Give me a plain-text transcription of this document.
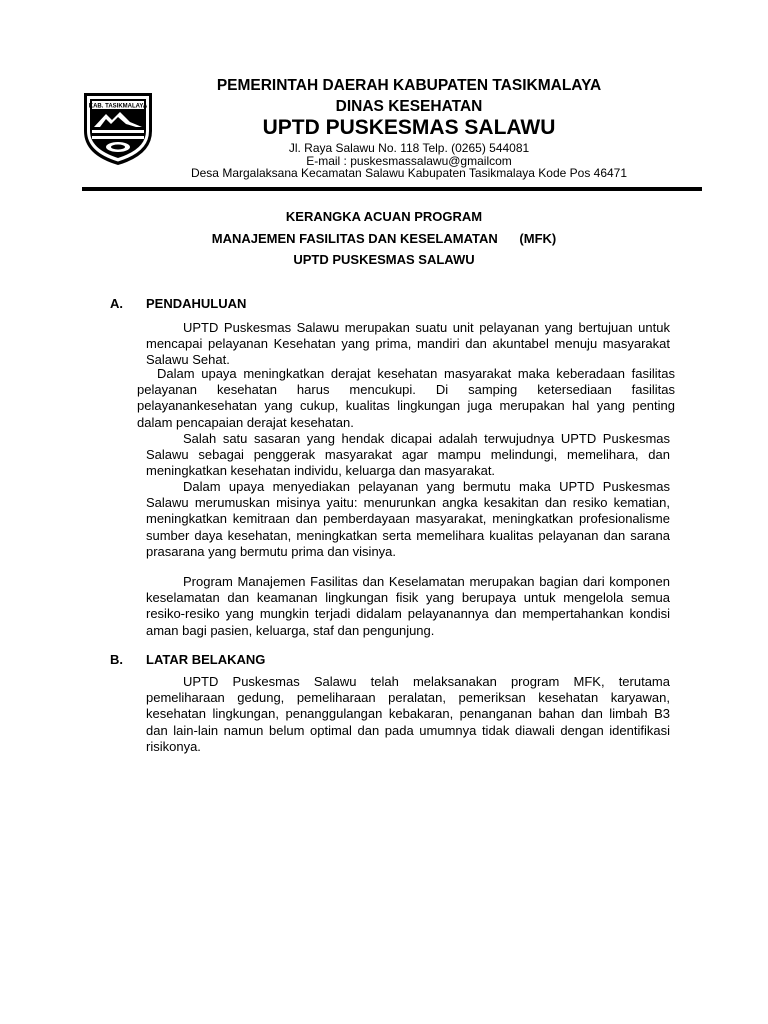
KAB. TASIKMALAYA
PEMERINTAH DAERAH KABUPATEN TASIKMALAYA
DINAS KESEHATAN
UPTD PUSKESMAS SALAWU
Jl. Raya Salawu No. 118 Telp. (0265) 544081
E-mail : puskesmassalawu@gmailcom
Desa Margalaksana Kecamatan Salawu Kabupaten Tasikmalaya Kode Pos 46471
KERANGKA ACUAN PROGRAM
MANAJEMEN FASILITAS DAN KESELAMATAN      (MFK)
UPTD PUSKESMAS SALAWU
A. PENDAHULUAN
UPTD Puskesmas Salawu merupakan suatu unit pelayanan yang bertujuan untuk mencapai pelayanan Kesehatan yang prima, mandiri dan akuntabel menuju masyarakat Salawu Sehat.
Dalam upaya meningkatkan derajat kesehatan masyarakat maka keberadaan fasilitas pelayanan kesehatan harus mencukupi. Di samping ketersediaan fasilitas pelayanankesehatan yang cukup, kualitas lingkungan juga merupakan hal yang penting dalam pencapaian derajat kesehatan.
Salah satu sasaran yang hendak dicapai adalah terwujudnya UPTD Puskesmas Salawu sebagai penggerak masyarakat agar mampu melindungi, memelihara, dan meningkatkan kesehatan individu, keluarga dan masyarakat.
Dalam upaya menyediakan pelayanan yang bermutu maka UPTD Puskesmas Salawu merumuskan misinya yaitu: menurunkan angka kesakitan dan resiko kematian, meningkatkan kemitraan dan pemberdayaan masyarakat, meningkatkan profesionalisme sumber daya kesehatan, meningkatkan serta memelihara kualitas pelayanan dan sarana prasarana yang bermutu prima dan visinya.
Program Manajemen Fasilitas dan Keselamatan merupakan bagian dari komponen keselamatan dan keamanan lingkungan fisik yang berupaya untuk mengelola semua resiko-resiko yang mungkin terjadi didalam pelayanannya dan mempertahankan kondisi aman bagi pasien, keluarga, staf dan pengunjung.
B. LATAR BELAKANG
UPTD Puskesmas Salawu telah melaksanakan program MFK, terutama pemeliharaan gedung, pemeliharaan peralatan, pemeriksan kesehatan karyawan, kesehatan lingkungan, penanggulangan kebakaran, penanganan bahan dan limbah B3 dan lain-lain namun belum optimal dan pada umumnya tidak diawali dengan identifikasi risikonya.
